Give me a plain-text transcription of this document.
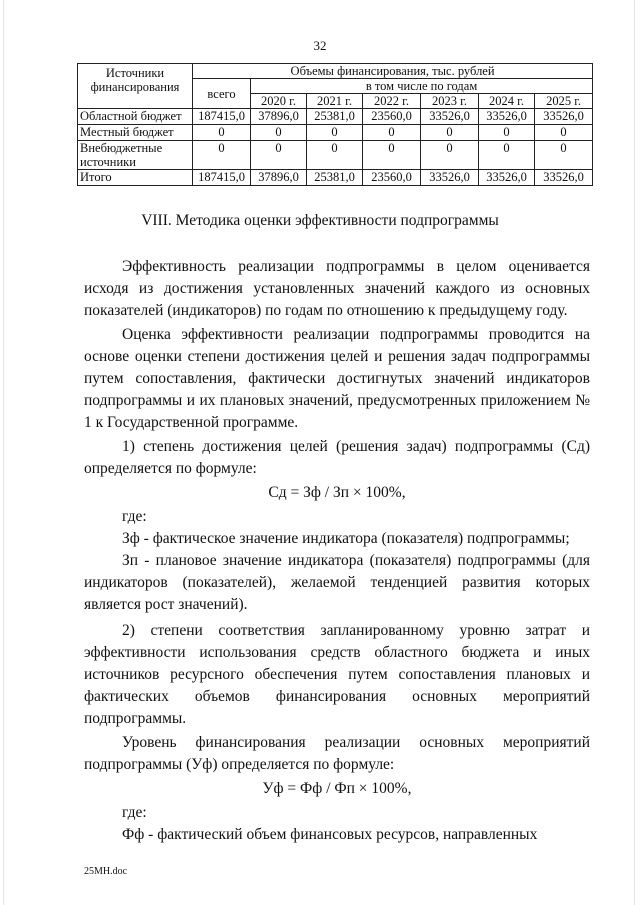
32
Источники финансирования	Объемы финансирования, тыс. рублей						
	всего	в том числе по годам					
		2020 г.	2021 г.	2022 г.	2023 г.	2024 г.	2025 г.
Областной бюджет	187415,0	37896,0	25381,0	23560,0	33526,0	33526,0	33526,0
Местный бюджет	0	0	0	0	0	0	0
Внебюджетные источники	0	0	0	0	0	0	0
Итого	187415,0	37896,0	25381,0	23560,0	33526,0	33526,0	33526,0
VIII. Методика оценки эффективности подпрограммы
Эффективность реализации подпрограммы в целом оценивается исходя из достижения установленных значений каждого из основных показателей (индикаторов) по годам по отношению к предыдущему году.
Оценка эффективности реализации подпрограммы проводится на основе оценки степени достижения целей и решения задач подпрограммы путем сопоставления, фактически достигнутых значений индикаторов подпрограммы и их плановых значений, предусмотренных приложением № 1 к Государственной программе.
1) степень достижения целей (решения задач) подпрограммы (Сд) определяется по формуле:
Сд = Зф / Зп × 100%,
где:
Зф - фактическое значение индикатора (показателя) подпрограммы;
Зп - плановое значение индикатора (показателя) подпрограммы (для индикаторов (показателей), желаемой тенденцией развития которых является рост значений).
2) степени соответствия запланированному уровню затрат и эффективности использования средств областного бюджета и иных источников ресурсного обеспечения путем сопоставления плановых и фактических объемов финансирования основных мероприятий подпрограммы.
Уровень финансирования реализации основных мероприятий подпрограммы (Уф) определяется по формуле:
Уф = Фф / Фп × 100%,
где:
Фф - фактический объем финансовых ресурсов, направленных
25МН.doc
